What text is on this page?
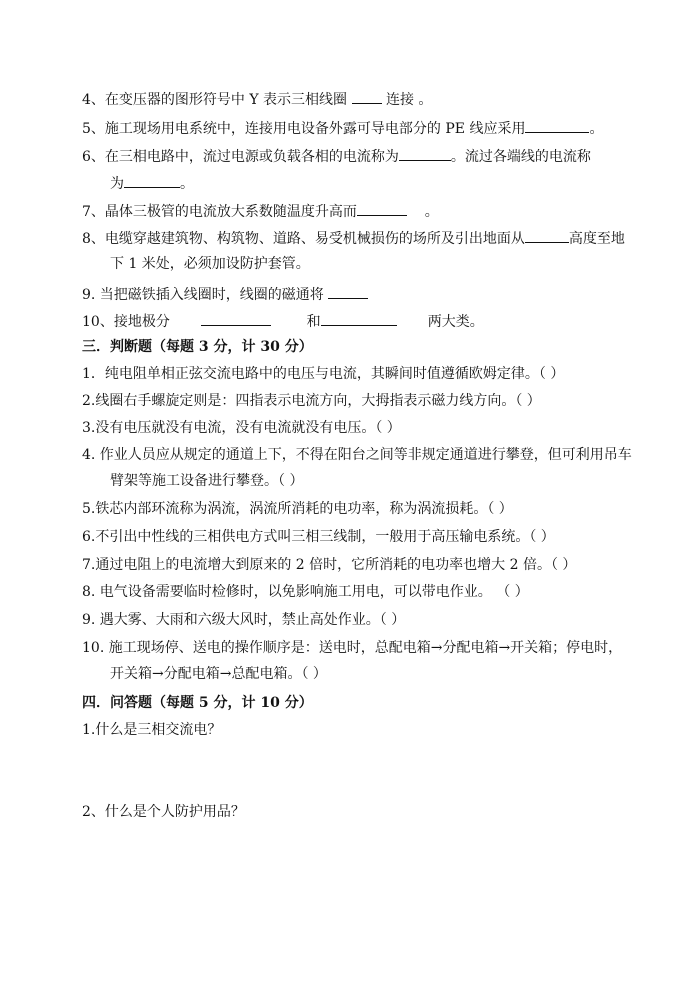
4、在变压器的图形符号中 Y 表示三相线圈	连接 。
5、施工现场用电系统中，连接用电设备外露可导电部分的 PE 线应采用	。
6、在三相电路中，流过电源或负载各相的电流称为	。流过各端线的电流称
为	。
7、晶体三极管的电流放大系数随温度升高而	。
8、电缆穿越建筑物、构筑物、道路、易受机械损伤的场所及引出地面从	高度至地
下 1 米处，必须加设防护套管。
9. 当把磁铁插入线圈时，线圈的磁通将
10、接地极分	和	两大类。
三．判断题（每题 3 分，计 30 分）
1．纯电阻单相正弦交流电路中的电压与电流，其瞬间时值遵循欧姆定律。（ ）
2.线圈右手螺旋定则是：四指表示电流方向，大拇指表示磁力线方向。（ ）
3.没有电压就没有电流，没有电流就没有电压。（ ）
4. 作业人员应从规定的通道上下，不得在阳台之间等非规定通道进行攀登，但可利用吊车
臂架等施工设备进行攀登。（ ）
5.铁芯内部环流称为涡流，涡流所消耗的电功率，称为涡流损耗。（ ）
6.不引出中性线的三相供电方式叫三相三线制，一般用于高压输电系统。（ ）
7.通过电阻上的电流增大到原来的 2 倍时，它所消耗的电功率也增大 2 倍。（ ）
8. 电气设备需要临时检修时，以免影响施工用电，可以带电作业。 （ ）
9. 遇大雾、大雨和六级大风时，禁止高处作业。（ ）
10. 施工现场停、送电的操作顺序是：送电时，总配电箱→分配电箱→开关箱；停电时，
开关箱→分配电箱→总配电箱。（ ）
四．问答题（每题 5 分，计 10 分）
1.什么是三相交流电？
2、什么是个人防护用品？
